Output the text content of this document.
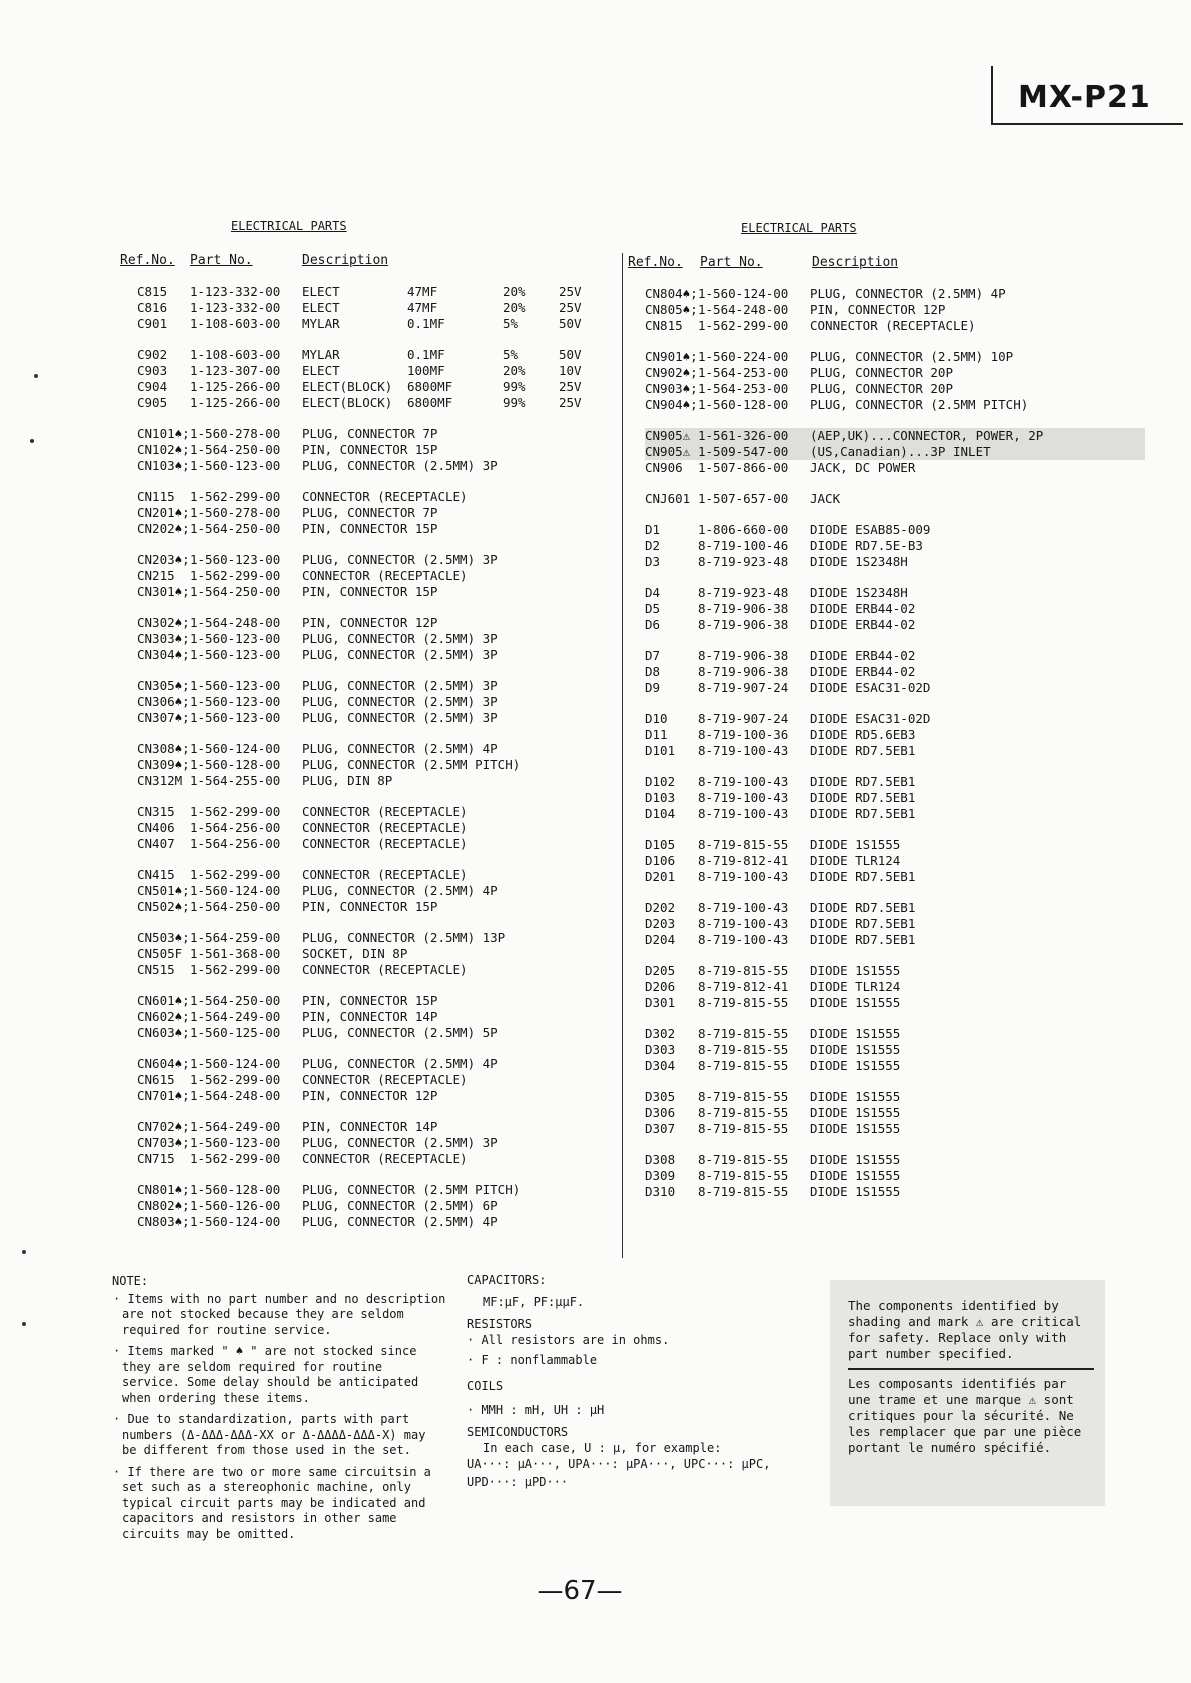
MX-P21
ELECTRICAL PARTS	ELECTRICAL PARTS
Ref.No. Part No.	Description	Ref.No. Part No.	Description
C815 1-123-332-00 ELECT	47MF	20%	25V
C816 1-123-332-00 ELECT	47MF	20%	25V
C901 1-108-603-00 MYLAR	0.1MF	5%	50V
C902 1-108-603-00 MYLAR	0.1MF	5%	50V
C903 1-123-307-00 ELECT	100MF	20%	10V
C904 1-125-266-00 ELECT(BLOCK) 6800MF	99%	25V
C905 1-125-266-00 ELECT(BLOCK) 6800MF	99%	25V
CN101♠; 1-560-278-00 PLUG, CONNECTOR 7P
CN102♠; 1-564-250-00 PIN, CONNECTOR 15P
CN103♠; 1-560-123-00 PLUG, CONNECTOR (2.5MM) 3P
CN115 1-562-299-00 CONNECTOR (RECEPTACLE)
CN201♠; 1-560-278-00 PLUG, CONNECTOR 7P
CN202♠; 1-564-250-00 PIN, CONNECTOR 15P
CN203♠; 1-560-123-00 PLUG, CONNECTOR (2.5MM) 3P
CN215 1-562-299-00 CONNECTOR (RECEPTACLE)
CN301♠; 1-564-250-00 PIN, CONNECTOR 15P
CN302♠; 1-564-248-00 PIN, CONNECTOR 12P
CN303♠; 1-560-123-00 PLUG, CONNECTOR (2.5MM) 3P
CN304♠; 1-560-123-00 PLUG, CONNECTOR (2.5MM) 3P
CN305♠; 1-560-123-00 PLUG, CONNECTOR (2.5MM) 3P
CN306♠; 1-560-123-00 PLUG, CONNECTOR (2.5MM) 3P
CN307♠; 1-560-123-00 PLUG, CONNECTOR (2.5MM) 3P
CN308♠; 1-560-124-00 PLUG, CONNECTOR (2.5MM) 4P
CN309♠; 1-560-128-00 PLUG, CONNECTOR (2.5MM PITCH)
CN312M 1-564-255-00 PLUG, DIN 8P
CN315 1-562-299-00 CONNECTOR (RECEPTACLE)
CN406 1-564-256-00 CONNECTOR (RECEPTACLE)
CN407 1-564-256-00 CONNECTOR (RECEPTACLE)
CN415 1-562-299-00 CONNECTOR (RECEPTACLE)
CN501♠; 1-560-124-00 PLUG, CONNECTOR (2.5MM) 4P
CN502♠; 1-564-250-00 PIN, CONNECTOR 15P
CN503♠; 1-564-259-00 PLUG, CONNECTOR (2.5MM) 13P
CN505F 1-561-368-00 SOCKET, DIN 8P
CN515 1-562-299-00 CONNECTOR (RECEPTACLE)
CN601♠; 1-564-250-00 PIN, CONNECTOR 15P
CN602♠; 1-564-249-00 PIN, CONNECTOR 14P
CN603♠; 1-560-125-00 PLUG, CONNECTOR (2.5MM) 5P
CN604♠; 1-560-124-00 PLUG, CONNECTOR (2.5MM) 4P
CN615 1-562-299-00 CONNECTOR (RECEPTACLE)
CN701♠; 1-564-248-00 PIN, CONNECTOR 12P
CN702♠; 1-564-249-00 PIN, CONNECTOR 14P
CN703♠; 1-560-123-00 PLUG, CONNECTOR (2.5MM) 3P
CN715 1-562-299-00 CONNECTOR (RECEPTACLE)
CN801♠; 1-560-128-00 PLUG, CONNECTOR (2.5MM PITCH)
CN802♠; 1-560-126-00 PLUG, CONNECTOR (2.5MM) 6P
CN803♠; 1-560-124-00 PLUG, CONNECTOR (2.5MM) 4P
CN804♠; 1-560-124-00 PLUG, CONNECTOR (2.5MM) 4P
CN805♠; 1-564-248-00 PIN, CONNECTOR 12P
CN815 1-562-299-00 CONNECTOR (RECEPTACLE)
CN901♠; 1-560-224-00 PLUG, CONNECTOR (2.5MM) 10P
CN902♠; 1-564-253-00 PLUG, CONNECTOR 20P
CN903♠; 1-564-253-00 PLUG, CONNECTOR 20P
CN904♠; 1-560-128-00 PLUG, CONNECTOR (2.5MM PITCH)
CN905⚠ 1-561-326-00 (AEP,UK)...CONNECTOR, POWER, 2P
CN905⚠ 1-509-547-00 (US,Canadian)...3P INLET
CN906 1-507-866-00 JACK, DC POWER
CNJ601 1-507-657-00 JACK
D1	1-806-660-00 DIODE ESAB85-009
D2	8-719-100-46 DIODE RD7.5E-B3
D3	8-719-923-48 DIODE 1S2348H
D4	8-719-923-48 DIODE 1S2348H
D5	8-719-906-38 DIODE ERB44-02
D6	8-719-906-38 DIODE ERB44-02
D7	8-719-906-38 DIODE ERB44-02
D8	8-719-906-38 DIODE ERB44-02
D9	8-719-907-24 DIODE ESAC31-02D
D10 8-719-907-24 DIODE ESAC31-02D
D11 8-719-100-36 DIODE RD5.6EB3
D101 8-719-100-43 DIODE RD7.5EB1
D102 8-719-100-43 DIODE RD7.5EB1
D103 8-719-100-43 DIODE RD7.5EB1
D104 8-719-100-43 DIODE RD7.5EB1
D105 8-719-815-55 DIODE 1S1555
D106 8-719-812-41 DIODE TLR124
D201 8-719-100-43 DIODE RD7.5EB1
D202 8-719-100-43 DIODE RD7.5EB1
D203 8-719-100-43 DIODE RD7.5EB1
D204 8-719-100-43 DIODE RD7.5EB1
D205 8-719-815-55 DIODE 1S1555
D206 8-719-812-41 DIODE TLR124
D301 8-719-815-55 DIODE 1S1555
D302 8-719-815-55 DIODE 1S1555
D303 8-719-815-55 DIODE 1S1555
D304 8-719-815-55 DIODE 1S1555
D305 8-719-815-55 DIODE 1S1555
D306 8-719-815-55 DIODE 1S1555
D307 8-719-815-55 DIODE 1S1555
D308 8-719-815-55 DIODE 1S1555
D309 8-719-815-55 DIODE 1S1555
D310 8-719-815-55 DIODE 1S1555
NOTE:

· Items with no part number and no description are not stocked because they are seldom required for routine service.

· Items marked " ♠ " are not stocked since they are seldom required for routine service. Some delay should be anticipated when ordering these items.

· Due to standardization, parts with part numbers (Δ-ΔΔΔ-ΔΔΔ-XX or Δ-ΔΔΔΔ-ΔΔΔ-X) may be different from those used in the set.

· If there are two or more same circuitsin a set such as a stereophonic machine, only typical circuit parts may be indicated and capacitors and resistors in other same circuits may be omitted.

CAPACITORS:
MF:μF, PF:μμF.
RESISTORS
· All resistors are in ohms.
· F : nonflammable
COILS
· MMH : mH, UH : μH
SEMICONDUCTORS
In each case, U : μ, for example:
UA···: μA···, UPA···: μPA···, UPC···: μPC,
UPD···: μPD···
The components identified by shading and mark ⚠ are critical for safety. Replace only with part number specified.
Les composants identifiés par une trame et une marque ⚠ sont critiques pour la sécurité. Ne les remplacer que par une pièce portant le numéro spécifié.
—67—
